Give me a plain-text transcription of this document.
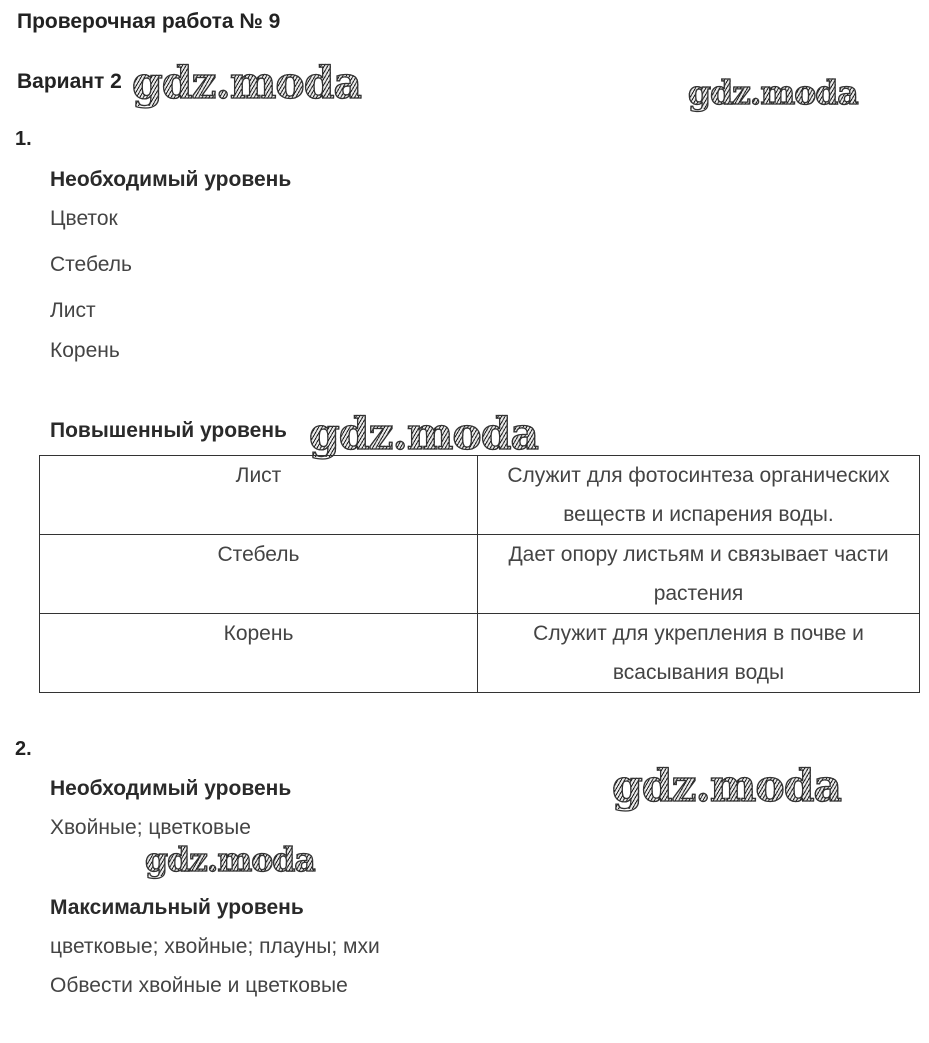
Проверочная работа № 9
Вариант 2 gdz.moda	gdz.moda
gdz.moda
gdz.moda
gdz.moda
1.
Необходимый уровень
Цветок
Стебель
Лист
Корень
Повышенный уровень
Лист	Служит для фотосинтеза органических веществ и испарения воды.
Стебель	Дает опору листьям и связывает части растения
Корень	Служит для укрепления в почве и всасывания воды
2.
Необходимый уровень
Хвойные; цветковые
Максимальный уровень
цветковые; хвойные; плауны; мхи
Обвести хвойные и цветковые
